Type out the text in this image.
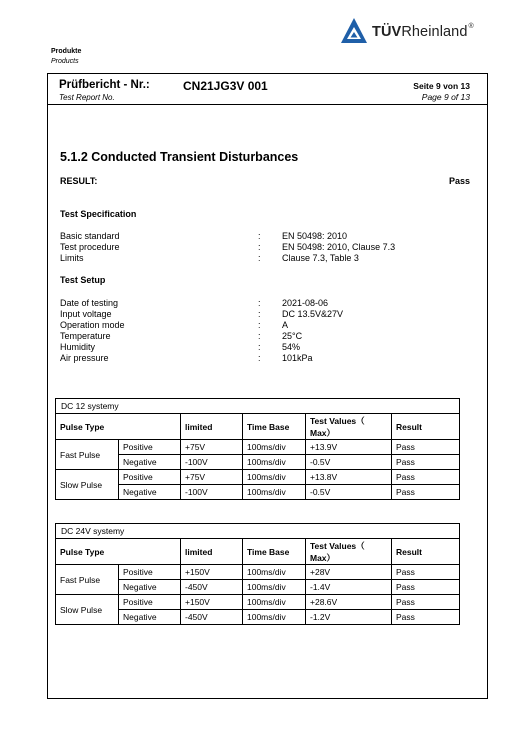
TÜVRheinland®
Produkte
Products
Prüfbericht - Nr.:
Test Report No.
CN21JG3V 001	Seite 9 von 13
Page 9 of 13
5.1.2 Conducted Transient Disturbances
RESULT:	Pass
Test Specification
Basic standard	: EN 50498: 2010
Test procedure	: EN 50498: 2010, Clause 7.3
Limits	: Clause 7.3, Table 3
Test Setup
Date of testing	: 2021-08-06
Input voltage	: DC 13.5V&27V
Operation mode	: A
Temperature	: 25°C
Humidity	: 54%
Air pressure	: 101kPa
DC 12 systemy					
Pulse Type		limited	Time Base	Test Values（ Max）	Result
Fast Pulse	Positive	+75V	100ms/div	+13.9V	Pass
	Negative	-100V	100ms/div	-0.5V	Pass
Slow Pulse	Positive	+75V	100ms/div	+13.8V	Pass
	Negative	-100V	100ms/div	-0.5V	Pass
DC 24V systemy					
Pulse Type		limited	Time Base	Test Values（ Max）	Result
Fast Pulse	Positive	+150V	100ms/div	+28V	Pass
	Negative	-450V	100ms/div	-1.4V	Pass
Slow Pulse	Positive	+150V	100ms/div	+28.6V	Pass
	Negative	-450V	100ms/div	-1.2V	Pass
